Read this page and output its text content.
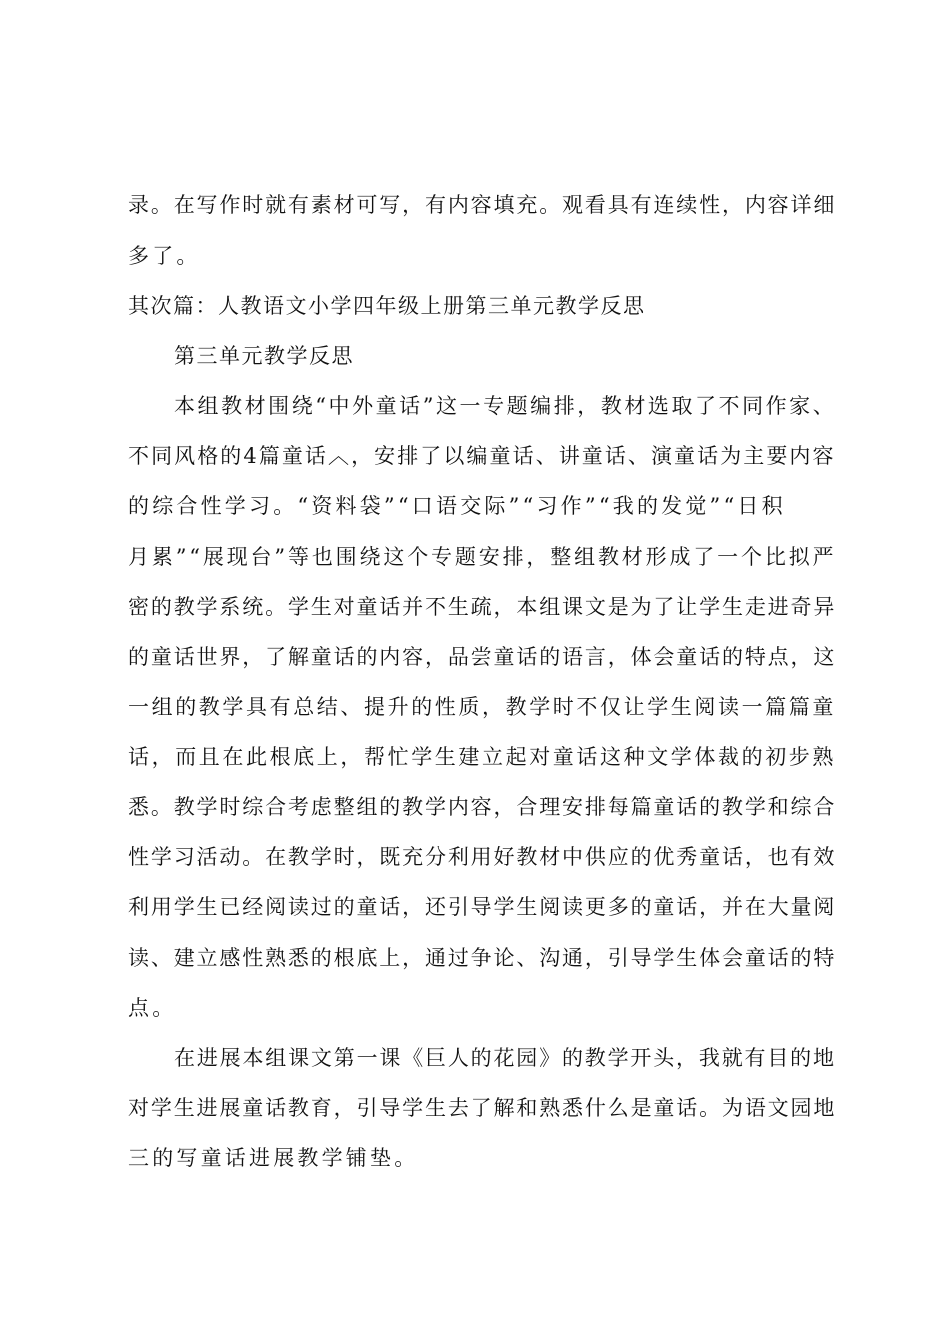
录。在写作时就有素材可写，有内容填充。观看具有连续性，内容详细
多了。
其次篇：人教语文小学四年级上册第三单元教学反思
第三单元教学反思
本组教材围绕“中外童话”这一专题编排，教材选取了不同作家、
不同风格的4篇童话︿，安排了以编童话、讲童话、演童话为主要内容
的综合性学习。“资料袋”“口语交际”“习作”“我的发觉”“日积
月累”“展现台”等也围绕这个专题安排，整组教材形成了一个比拟严
密的教学系统。学生对童话并不生疏，本组课文是为了让学生走进奇异
的童话世界，了解童话的内容，品尝童话的语言，体会童话的特点，这
一组的教学具有总结、提升的性质，教学时不仅让学生阅读一篇篇童
话，而且在此根底上，帮忙学生建立起对童话这种文学体裁的初步熟
悉。教学时综合考虑整组的教学内容，合理安排每篇童话的教学和综合
性学习活动。在教学时，既充分利用好教材中供应的优秀童话，也有效
利用学生已经阅读过的童话，还引导学生阅读更多的童话，并在大量阅
读、建立感性熟悉的根底上，通过争论、沟通，引导学生体会童话的特
点。
在进展本组课文第一课《巨人的花园》的教学开头，我就有目的地
对学生进展童话教育，引导学生去了解和熟悉什么是童话。为语文园地
三的写童话进展教学铺垫。
